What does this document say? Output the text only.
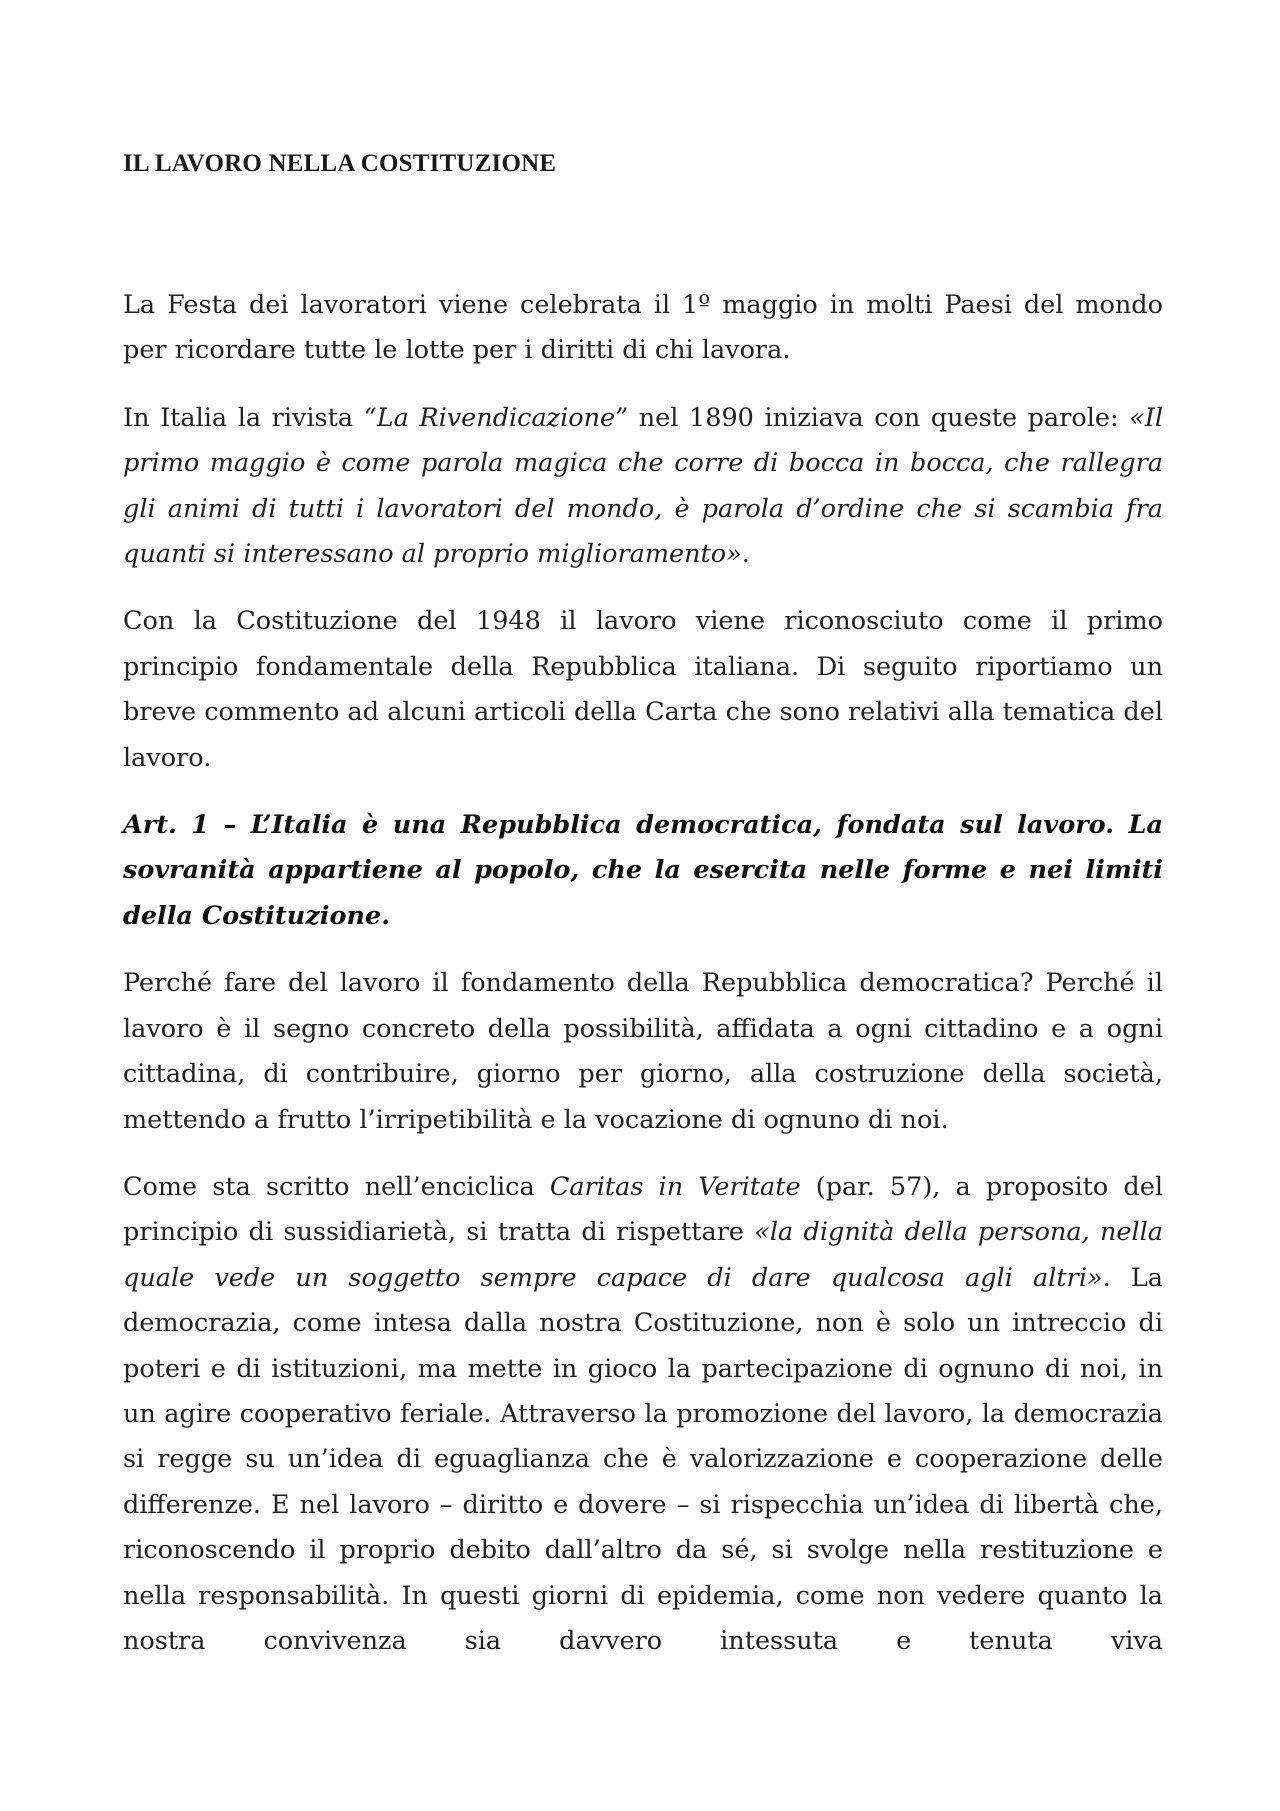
IL LAVORO NELLA COSTITUZIONE

La Festa dei lavoratori viene celebrata il 1º maggio in molti Paesi del mondo per ricordare tutte le lotte per i diritti di chi lavora.

In Italia la rivista “La Rivendicazione” nel 1890 iniziava con queste parole: «Il primo maggio è come parola magica che corre di bocca in bocca, che rallegra gli animi di tutti i lavoratori del mondo, è parola d’ordine che si scambia fra quanti si interessano al proprio miglioramento».

Con la Costituzione del 1948 il lavoro viene riconosciuto come il primo principio fondamentale della Repubblica italiana. Di seguito riportiamo un breve commento ad alcuni articoli della Carta che sono relativi alla tematica del lavoro.

Art. 1 – L’Italia è una Repubblica democratica, fondata sul lavoro. La sovranità appartiene al popolo, che la esercita nelle forme e nei limiti della Costituzione.

Perché fare del lavoro il fondamento della Repubblica democratica? Perché il lavoro è il segno concreto della possibilità, affidata a ogni cittadino e a ogni cittadina, di contribuire, giorno per giorno, alla costruzione della società, mettendo a frutto l’irripetibilità e la vocazione di ognuno di noi.

Come sta scritto nell’enciclica Caritas in Veritate (par. 57), a proposito del principio di sussidiarietà, si tratta di rispettare «la dignità della persona, nella quale vede un soggetto sempre capace di dare qualcosa agli altri». La democrazia, come intesa dalla nostra Costituzione, non è solo un intreccio di poteri e di istituzioni, ma mette in gioco la partecipazione di ognuno di noi, in un agire cooperativo feriale. Attraverso la promozione del lavoro, la democrazia si regge su un’idea di eguaglianza che è valorizzazione e cooperazione delle differenze. E nel lavoro – diritto e dovere – si rispecchia un’idea di libertà che, riconoscendo il proprio debito dall’altro da sé, si svolge nella restituzione e nella responsabilità. In questi giorni di epidemia, come non vedere quanto la nostra convivenza sia davvero intessuta e tenuta viva
